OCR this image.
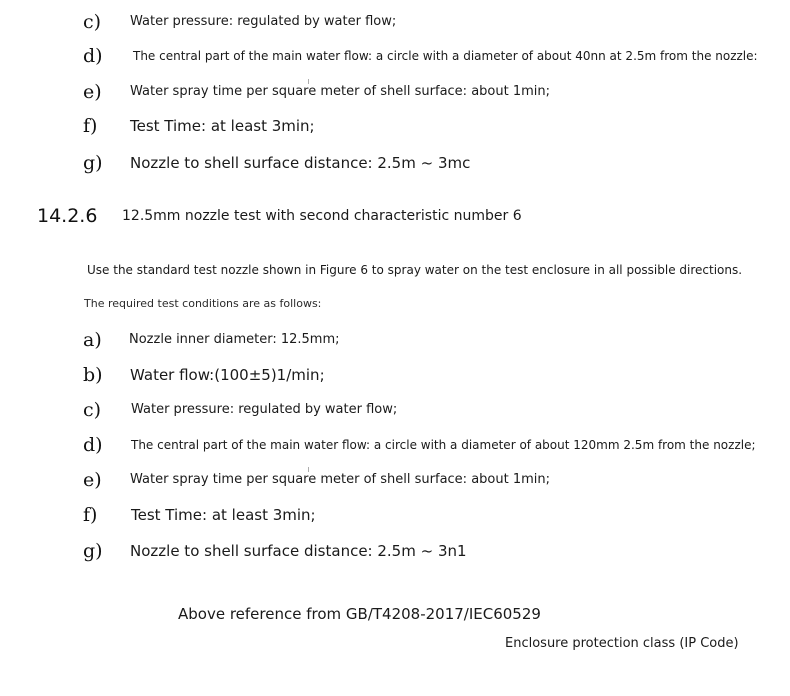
c) Water pressure: regulated by water flow;
d)	The central part of the main water flow: a circle with a diameter of about 40nn at 2.5m from the nozzle:
e) Water spray time per square meter of shell surface: about 1min;
f) Test Time: at least 3min;
g) Nozzle to shell surface distance: 2.5m ~ 3mc
14.2.6 12.5mm nozzle test with second characteristic number 6
Use the standard test nozzle shown in Figure 6 to spray water on the test enclosure in all possible directions.
The required test conditions are as follows:
a) Nozzle inner diameter: 12.5mm;
b) Water flow:(100±5)1/min;
c) Water pressure: regulated by water flow;
d) The central part of the main water flow: a circle with a diameter of about 120mm 2.5m from the nozzle;
e) Water spray time per square meter of shell surface: about 1min;
f) Test Time: at least 3min;
g) Nozzle to shell surface distance: 2.5m ~ 3n1
Above reference from GB/T4208-2017/IEC60529
Enclosure protection class (IP Code)
